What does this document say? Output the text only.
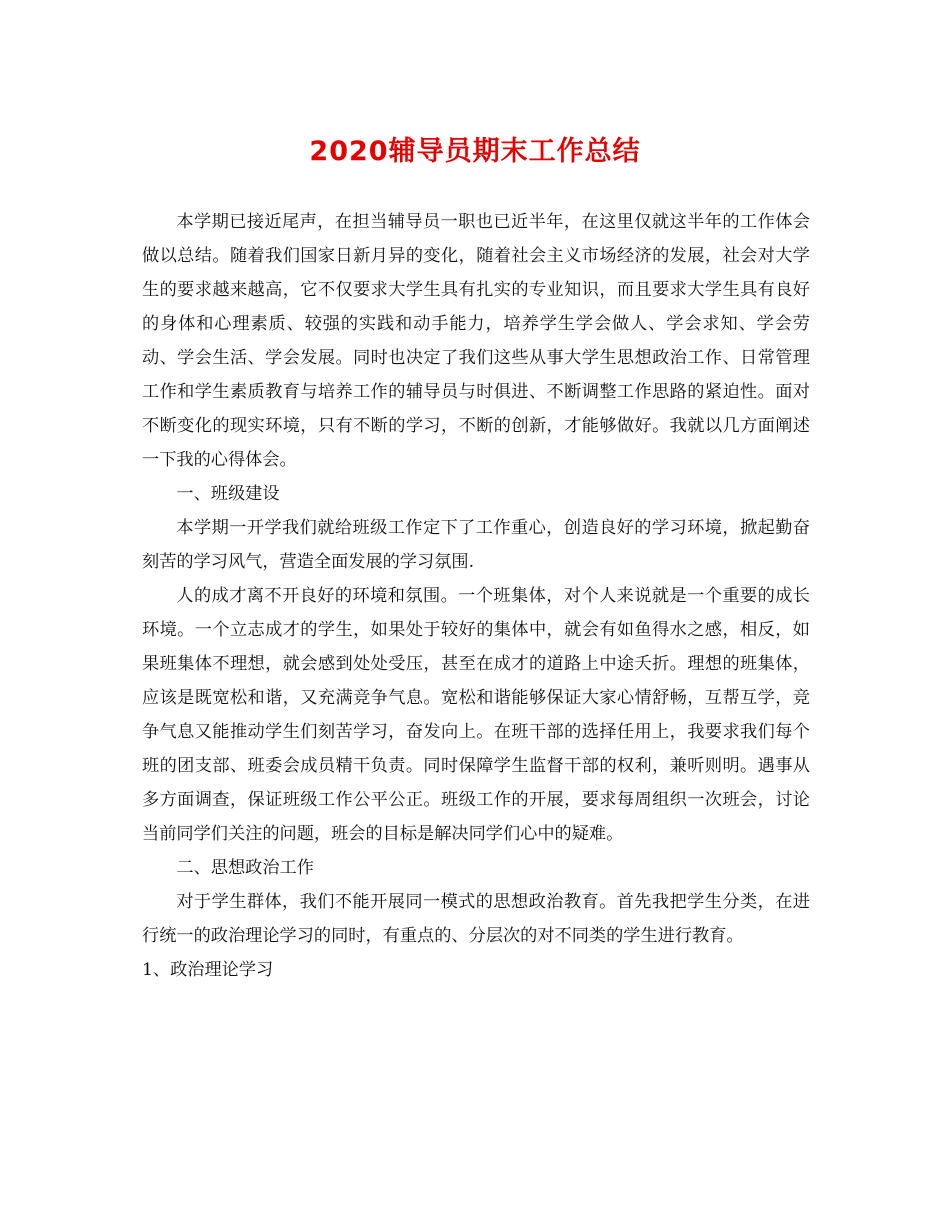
2020辅导员期末工作总结

本学期已接近尾声，在担当辅导员一职也已近半年，在这里仅就这半年的工作体会做以总结。随着我们国家日新月异的变化，随着社会主义市场经济的发展，社会对大学生的要求越来越高，它不仅要求大学生具有扎实的专业知识，而且要求大学生具有良好的身体和心理素质、较强的实践和动手能力，培养学生学会做人、学会求知、学会劳动、学会生活、学会发展。同时也决定了我们这些从事大学生思想政治工作、日常管理工作和学生素质教育与培养工作的辅导员与时俱进、不断调整工作思路的紧迫性。面对不断变化的现实环境，只有不断的学习，不断的创新，才能够做好。我就以几方面阐述一下我的心得体会。

一、班级建设

本学期一开学我们就给班级工作定下了工作重心，创造良好的学习环境，掀起勤奋刻苦的学习风气，营造全面发展的学习氛围.

人的成才离不开良好的环境和氛围。一个班集体，对个人来说就是一个重要的成长环境。一个立志成才的学生，如果处于较好的集体中，就会有如鱼得水之感，相反，如果班集体不理想，就会感到处处受压，甚至在成才的道路上中途夭折。理想的班集体，应该是既宽松和谐，又充满竞争气息。宽松和谐能够保证大家心情舒畅，互帮互学，竞争气息又能推动学生们刻苦学习，奋发向上。在班干部的选择任用上，我要求我们每个班的团支部、班委会成员精干负责。同时保障学生监督干部的权利，兼听则明。遇事从多方面调查，保证班级工作公平公正。班级工作的开展，要求每周组织一次班会，讨论当前同学们关注的问题，班会的目标是解决同学们心中的疑难。

二、思想政治工作

对于学生群体，我们不能开展同一模式的思想政治教育。首先我把学生分类，在进行统一的政治理论学习的同时，有重点的、分层次的对不同类的学生进行教育。

1、政治理论学习
